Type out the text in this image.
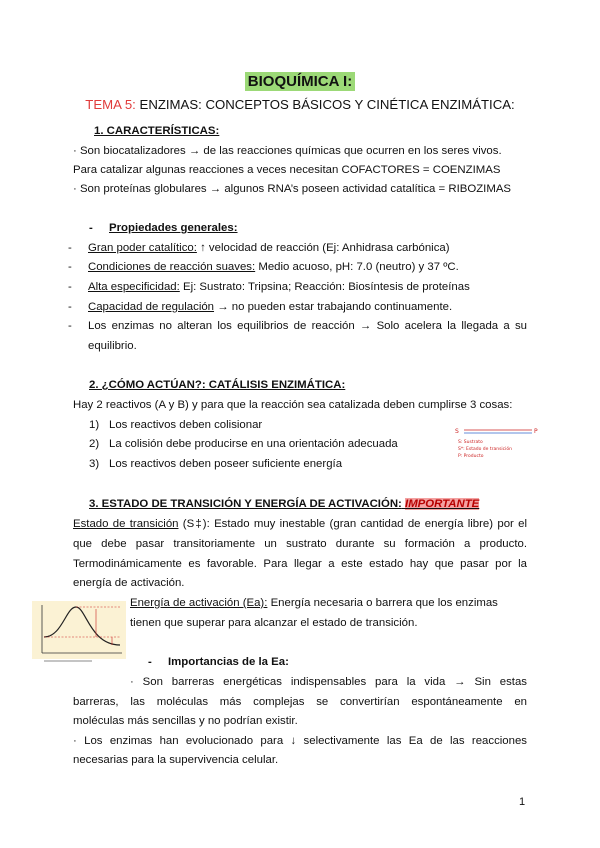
BIOQUÍMICA I:
TEMA 5: ENZIMAS: CONCEPTOS BÁSICOS Y CINÉTICA ENZIMÁTICA:
1. CARACTERÍSTICAS:
· Son biocatalizadores → de las reacciones químicas que ocurren en los seres vivos.
Para catalizar algunas reacciones a veces necesitan COFACTORES = COENZIMAS
· Son proteínas globulares → algunos RNA’s poseen actividad catalítica = RIBOZIMAS
- Propiedades generales:
- Gran poder catalítico: ↑ velocidad de reacción (Ej: Anhidrasa carbónica)
- Condiciones de reacción suaves: Medio acuoso, pH: 7.0 (neutro) y 37 ºC.
- Alta especificidad: Ej: Sustrato: Tripsina; Reacción: Biosíntesis de proteínas
- Capacidad de regulación → no pueden estar trabajando continuamente.
- Los enzimas no alteran los equilibrios de reacción → Solo acelera la llegada a su
equilibrio.
2. ¿CÓMO ACTÚAN?: CATÁLISIS ENZIMÁTICA:
Hay 2 reactivos (A y B) y para que la reacción sea catalizada deben cumplirse 3 cosas:
1) Los reactivos deben colisionar
2) La colisión debe producirse en una orientación adecuada
3) Los reactivos deben poseer suficiente energía
S	P
S: Sustrato
S*: Estado de transición
P: Producto
3. ESTADO DE TRANSICIÓN Y ENERGÍA DE ACTIVACIÓN: IMPORTANTE
Estado de transición (S‡): Estado muy inestable (gran cantidad de energía libre) por el
que debe pasar transitoriamente un sustrato durante su formación a producto.
Termodinámicamente es favorable. Para llegar a este estado hay que pasar por la
energía de activación.
Energía de activación (Ea): Energía necesaria o barrera que los enzimas
tienen que superar para alcanzar el estado de transición.
- Importancias de la Ea:
· Son barreras energéticas indispensables para la vida → Sin estas
barreras, las moléculas más complejas se convertirían espontáneamente en
moléculas más sencillas y no podrían existir.
· Los enzimas han evolucionado para ↓ selectivamente las Ea de las reacciones
necesarias para la supervivencia celular.
1
